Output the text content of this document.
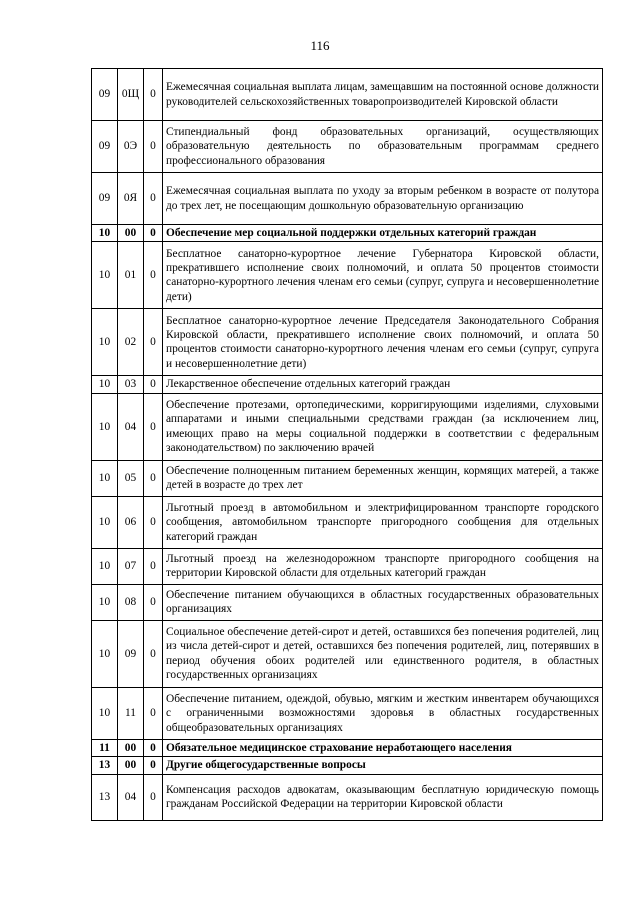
116
09	0Щ	0	Ежемесячная социальная выплата лицам, замещавшим на постоянной основе должности руководителей сельскохозяйственных товаропроизводителей Кировской области
09	0Э	0	Стипендиальный фонд образовательных организаций, осуществляющих образовательную деятельность по образовательным программам среднего профессионального образования
09	0Я	0	Ежемесячная социальная выплата по уходу за вторым ребенком в возрасте от полутора до трех лет, не посещающим дошкольную образовательную организацию
10	00	0	Обеспечение мер социальной поддержки отдельных категорий граждан
10	01	0	Бесплатное санаторно-курортное лечение Губернатора Кировской области, прекратившего исполнение своих полномочий, и оплата 50 процентов стоимости санаторно-курортного лечения членам его семьи (супруг, супруга и несовершеннолетние дети)
10	02	0	Бесплатное санаторно-курортное лечение Председателя Законодательного Собрания Кировской области, прекратившего исполнение своих полномочий, и оплата 50 процентов стоимости санаторно-курортного лечения членам его семьи (супруг, супруга и несовершеннолетние дети)
10	03	0	Лекарственное обеспечение отдельных категорий граждан
10	04	0	Обеспечение протезами, ортопедическими, корригирующими изделиями, слуховыми аппаратами и иными специальными средствами граждан (за исключением лиц, имеющих право на меры социальной поддержки в соответствии с федеральным законодательством) по заключению врачей
10	05	0	Обеспечение полноценным питанием беременных женщин, кормящих матерей, а также детей в возрасте до трех лет
10	06	0	Льготный проезд в автомобильном и электрифицированном транспорте городского сообщения, автомобильном транспорте пригородного сообщения для отдельных категорий граждан
10	07	0	Льготный проезд на железнодорожном транспорте пригородного сообщения на территории Кировской области для отдельных категорий граждан
10	08	0	Обеспечение питанием обучающихся в областных государственных образовательных организациях
10	09	0	Социальное обеспечение детей-сирот и детей, оставшихся без попечения родителей, лиц из числа детей-сирот и детей, оставшихся без попечения родителей, лиц, потерявших в период обучения обоих родителей или единственного родителя, в областных государственных организациях
10	11	0	Обеспечение питанием, одеждой, обувью, мягким и жестким инвентарем обучающихся с ограниченными возможностями здоровья в областных государственных общеобразовательных организациях
11	00	0	Обязательное медицинское страхование неработающего населения
13	00	0	Другие общегосударственные вопросы
13	04	0	Компенсация расходов адвокатам, оказывающим бесплатную юридическую помощь гражданам Российской Федерации на территории Кировской области
